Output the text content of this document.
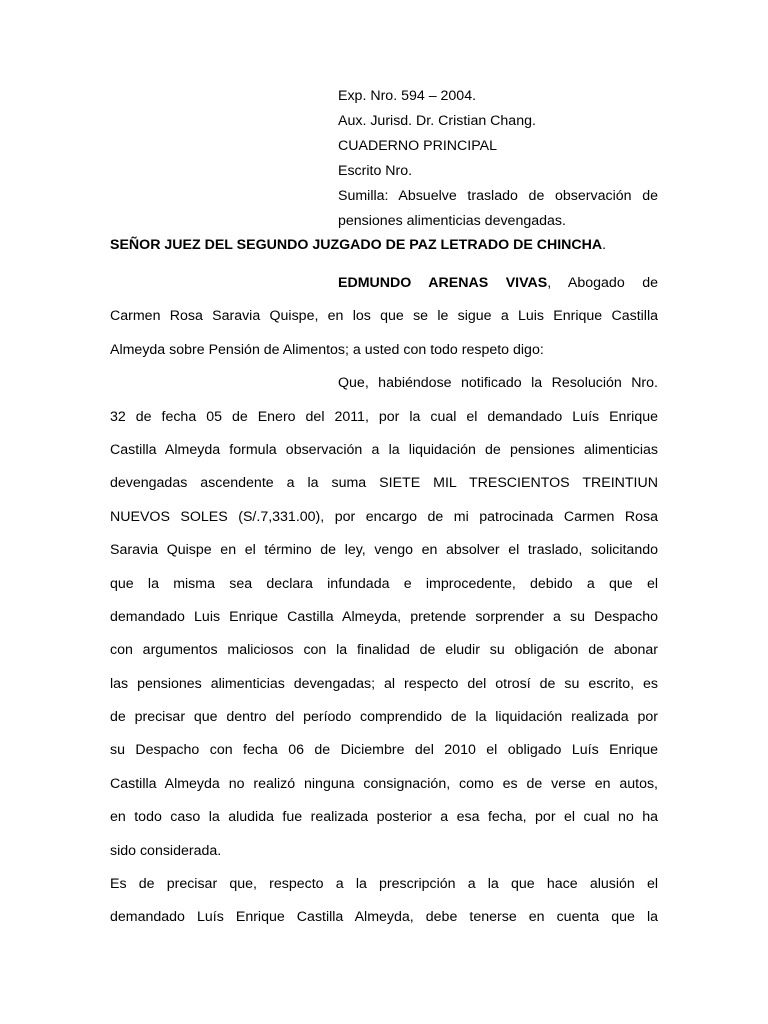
Exp. Nro. 594 – 2004.
Aux. Jurisd. Dr. Cristian Chang.
CUADERNO PRINCIPAL
Escrito Nro.
Sumilla: Absuelve traslado de observación de
pensiones alimenticias devengadas.
SEÑOR JUEZ DEL SEGUNDO JUZGADO DE PAZ LETRADO DE CHINCHA.
EDMUNDO ARENAS VIVAS, Abogado de
Carmen Rosa Saravia Quispe, en los que se le sigue a Luis Enrique Castilla
Almeyda sobre Pensión de Alimentos; a usted con todo respeto digo:
Que, habiéndose notificado la Resolución Nro.
32 de fecha 05 de Enero del 2011, por la cual el demandado Luís Enrique
Castilla Almeyda formula observación a la liquidación de pensiones alimenticias
devengadas ascendente a la suma SIETE MIL TRESCIENTOS TREINTIUN
NUEVOS SOLES (S/.7,331.00), por encargo de mi patrocinada Carmen Rosa
Saravia Quispe en el término de ley, vengo en absolver el traslado, solicitando
que la misma sea declara infundada e improcedente, debido a que el
demandado Luis Enrique Castilla Almeyda, pretende sorprender a su Despacho
con argumentos maliciosos con la finalidad de eludir su obligación de abonar
las pensiones alimenticias devengadas; al respecto del otrosí de su escrito, es
de precisar que dentro del período comprendido de la liquidación realizada por
su Despacho con fecha 06 de Diciembre del 2010 el obligado Luís Enrique
Castilla Almeyda no realizó ninguna consignación, como es de verse en autos,
en todo caso la aludida fue realizada posterior a esa fecha, por el cual no ha
sido considerada.
Es de precisar que, respecto a la prescripción a la que hace alusión el
demandado Luís Enrique Castilla Almeyda, debe tenerse en cuenta que la
